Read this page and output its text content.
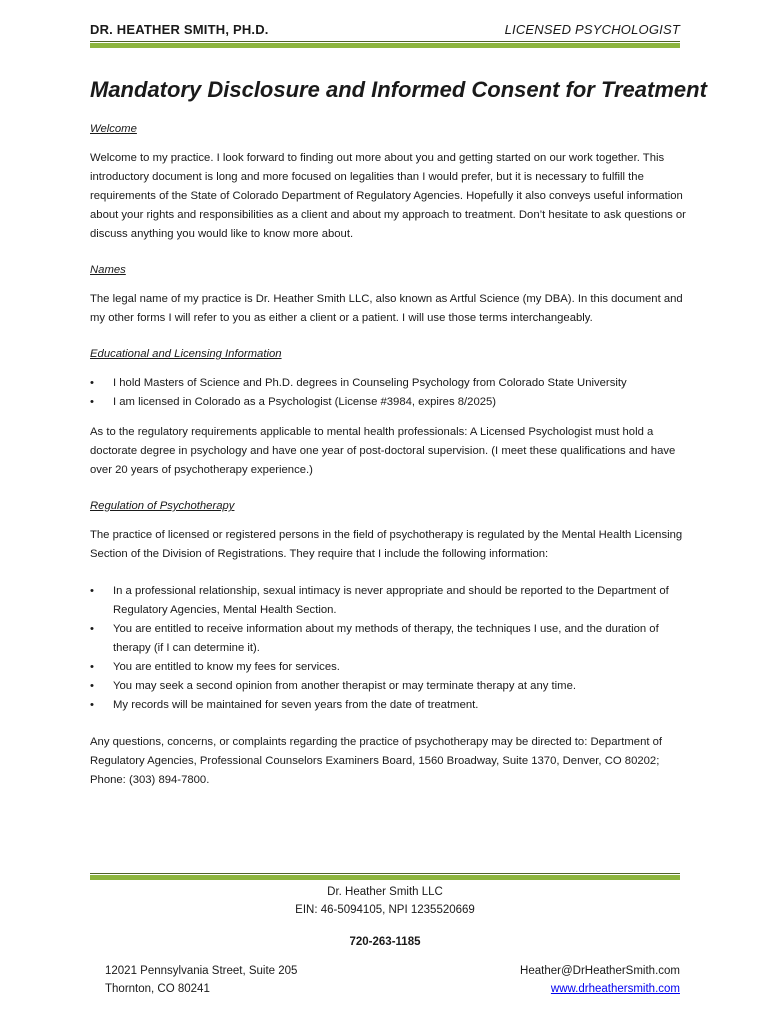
DR. HEATHER SMITH, PH.D.	LICENSED PSYCHOLOGIST
Mandatory Disclosure and Informed Consent for Treatment
Welcome

Welcome to my practice. I look forward to finding out more about you and getting started on our work together. This introductory document is long and more focused on legalities than I would prefer, but it is necessary to fulfill the requirements of the State of Colorado Department of Regulatory Agencies. Hopefully it also conveys useful information about your rights and responsibilities as a client and about my approach to treatment. Don’t hesitate to ask questions or discuss anything you would like to know more about.

Names

The legal name of my practice is Dr. Heather Smith LLC, also known as Artful Science (my DBA). In this document and my other forms I will refer to you as either a client or a patient. I will use those terms interchangeably.

Educational and Licensing Information
• I hold Masters of Science and Ph.D. degrees in Counseling Psychology from Colorado State University
• I am licensed in Colorado as a Psychologist (License #3984, expires 8/2025)

As to the regulatory requirements applicable to mental health professionals: A Licensed Psychologist must hold a doctorate degree in psychology and have one year of post-doctoral supervision. (I meet these qualifications and have over 20 years of psychotherapy experience.)

Regulation of Psychotherapy

The practice of licensed or registered persons in the field of psychotherapy is regulated by the Mental Health Licensing Section of the Division of Registrations. They require that I include the following information:

• In a professional relationship, sexual intimacy is never appropriate and should be reported to the Department of Regulatory Agencies, Mental Health Section.
• You are entitled to receive information about my methods of therapy, the techniques I use, and the duration of therapy (if I can determine it).
• You are entitled to know my fees for services.
• You may seek a second opinion from another therapist or may terminate therapy at any time.
• My records will be maintained for seven years from the date of treatment.

Any questions, concerns, or complaints regarding the practice of psychotherapy may be directed to: Department of Regulatory Agencies, Professional Counselors Examiners Board, 1560 Broadway, Suite 1370, Denver, CO 80202; Phone: (303) 894-7800.

Dr. Heather Smith LLC
EIN: 46-5094105, NPI 1235520669
720-263-1185
12021 Pennsylvania Street, Suite 205
Thornton, CO 80241
Heather@DrHeatherSmith.com
www.drheathersmith.com
